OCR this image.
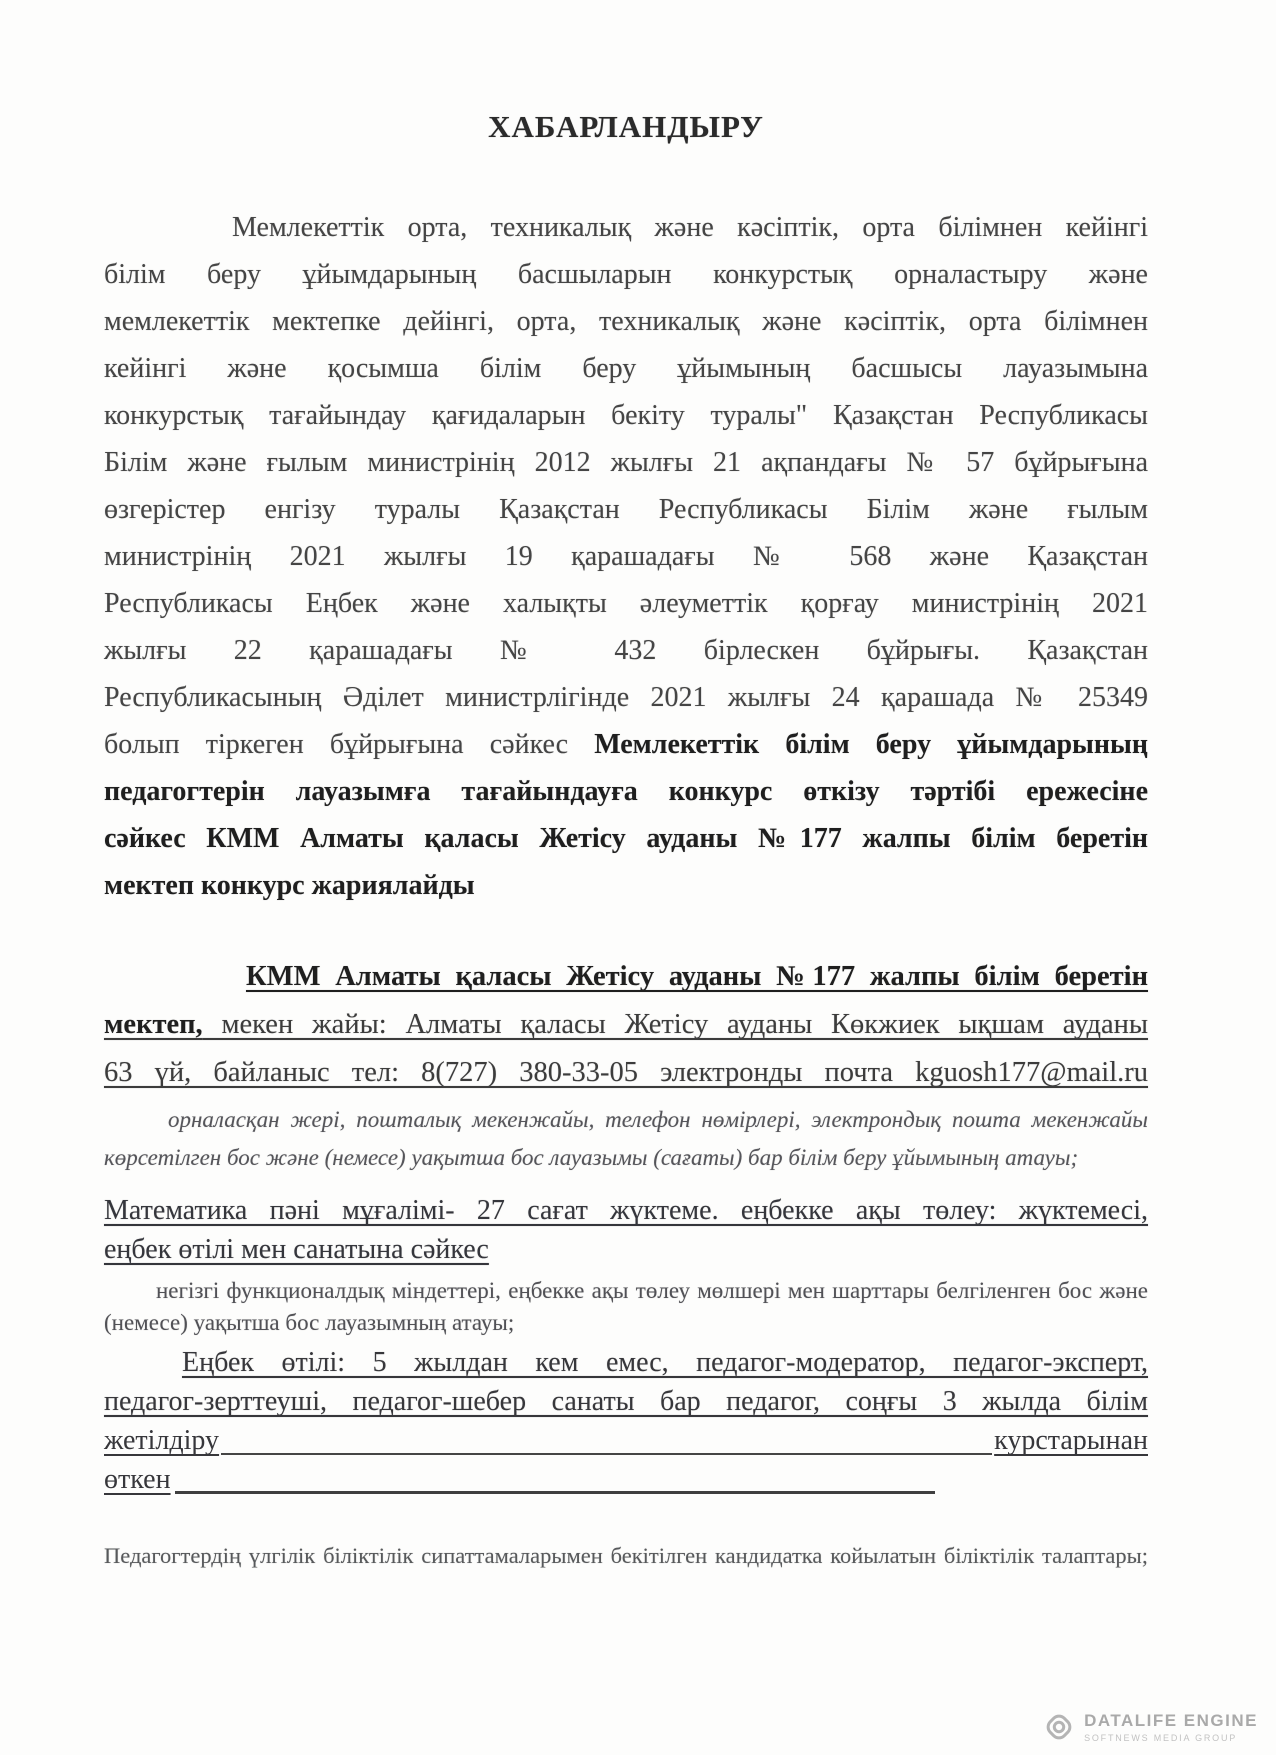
ХАБАРЛАНДЫРУ
Мемлекеттік орта, техникалық және кәсіптік, орта білімнен кейінгі
білім беру ұйымдарының басшыларын конкурстық орналастыру және
мемлекеттік мектепке дейінгі, орта, техникалық және кәсіптік, орта білімнен
кейінгі және қосымша білім беру ұйымының басшысы лауазымына
конкурстық тағайындау қағидаларын бекіту туралы" Қазақстан Республикасы
Білім және ғылым министрінің 2012 жылғы 21 ақпандағы № 57 бұйрығына
өзгерістер енгізу туралы Қазақстан Республикасы Білім және ғылым
министрінің 2021 жылғы 19 қарашадағы № 568 және Қазақстан
Республикасы Еңбек және халықты әлеуметтік қорғау министрінің 2021
жылғы 22 қарашадағы № 432 бірлескен бұйрығы. Қазақстан
Республикасының Әділет министрлігінде 2021 жылғы 24 қарашада № 25349
болып тіркеген бұйрығына сәйкес Мемлекеттік білім беру ұйымдарының
педагогтерін лауазымға тағайындауға конкурс өткізу тәртібі ережесіне
сәйкес КММ Алматы қаласы Жетісу ауданы №177 жалпы білім беретін
мектеп конкурс жариялайды
КММ Алматы қаласы Жетісу ауданы №177 жалпы білім беретін
мектеп, мекен жайы: Алматы қаласы Жетісу ауданы Көкжиек ықшам ауданы
63 үй, байланыс тел: 8(727) 380-33-05 электронды почта kguosh177@mail.ru
орналасқан жері, пошталық мекенжайы, телефон нөмірлері, электрондық пошта мекенжайы
көрсетілген бос және (немесе) уақытша бос лауазымы (сағаты) бар білім беру ұйымының атауы;
Математика пәні мұғалімі- 27 сағат жүктеме. еңбекке ақы төлеу: жүктемесі,
еңбек өтілі мен санатына сәйкес
негізгі функционалдық міндеттері, еңбекке ақы төлеу мөлшері мен шарттары белгіленген бос және
(немесе) уақытша бос лауазымның атауы;
Еңбек өтілі: 5 жылдан кем емес, педагог-модератор, педагог-эксперт,
педагог-зерттеуші, педагог-шебер санаты бар педагог, соңғы 3 жылда білім
жетілдіру	курстарынан
өткен
Педагогтердің үлгілік біліктілік сипаттамаларымен бекітілген кандидатка койылатын біліктілік талаптары;
DATALIFE ENGINE
SOFTNEWS MEDIA GROUP
